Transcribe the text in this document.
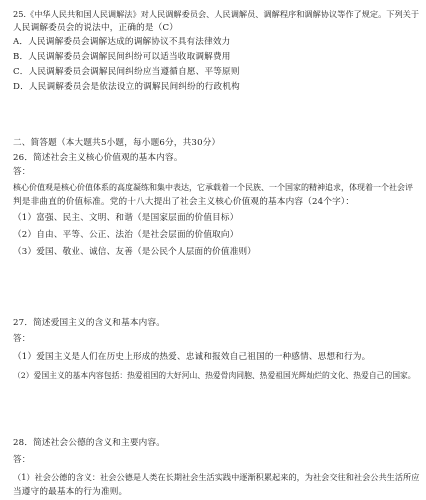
25.《中华人民共和国人民调解法》对人民调解委员会、人民调解员、调解程序和调解协议等作了规定。下列关于
人民调解委员会的说法中，正确的是（C）
A．人民调解委员会调解达成的调解协议不具有法律效力
B．人民调解委员会调解民间纠纷可以适当收取调解费用
C．人民调解委员会调解民间纠纷应当遵循自愿、平等原则
D．人民调解委员会是依法设立的调解民间纠纷的行政机构
二、简答题（本大题共5小题，每小题6分，共30分）
26．简述社会主义核心价值观的基本内容。
答：
核心价值观是核心价值体系的高度凝练和集中表达，它承载着一个民族、一个国家的精神追求，体现着一个社会评
判是非曲直的价值标准。党的十八大提出了社会主义核心价值观的基本内容（24个字）：
（1）富强、民主、文明、和谐（是国家层面的价值目标）
（2）自由、平等、公正、法治（是社会层面的价值取向）
（3）爱国、敬业、诚信、友善（是公民个人层面的价值准则）
27．简述爱国主义的含义和基本内容。
答：
（1）爱国主义是人们在历史上形成的热爱、忠诚和报效自己祖国的一种感情、思想和行为。
（2）爱国主义的基本内容包括：热爱祖国的大好河山、热爱骨肉同胞、热爱祖国光辉灿烂的文化、热爱自己的国家。
28．简述社会公德的含义和主要内容。
答：
（1）社会公德的含义：社会公德是人类在长期社会生活实践中逐渐积累起来的，为社会交往和社会公共生活所应
当遵守的最基本的行为准则。
